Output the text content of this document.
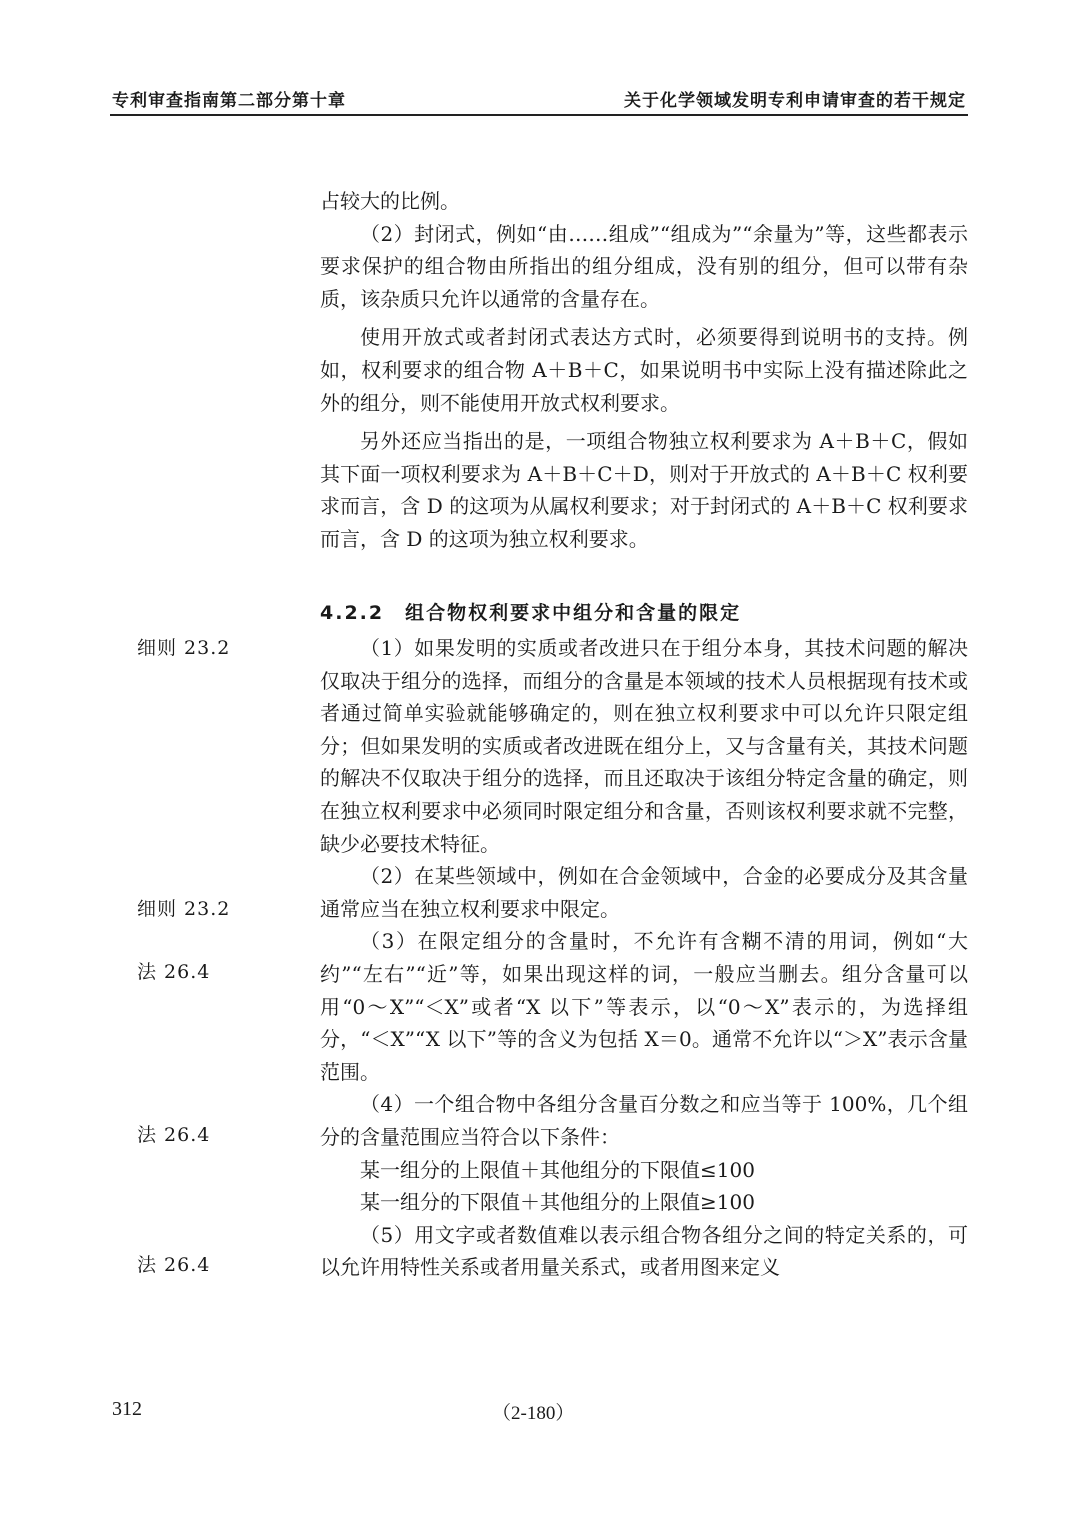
专利审查指南第二部分第十章	关于化学领域发明专利申请审查的若干规定

占较大的比例。

（2）封闭式，例如“由……组成”“组成为”“余量为”等，这些都表示要求保护的组合物由所指出的组分组成，没有别的组分，但可以带有杂质，该杂质只允许以通常的含量存在。

使用开放式或者封闭式表达方式时，必须要得到说明书的支持。例如，权利要求的组合物 A＋B＋C，如果说明书中实际上没有描述除此之外的组分，则不能使用开放式权利要求。

另外还应当指出的是，一项组合物独立权利要求为 A＋B＋C，假如其下面一项权利要求为 A＋B＋C＋D，则对于开放式的 A＋B＋C 权利要求而言，含 D 的这项为从属权利要求；对于封闭式的 A＋B＋C 权利要求而言，含 D 的这项为独立权利要求。

4.2.2　组合物权利要求中组分和含量的限定
细则 23.2
细则 23.2
法 26.4
法 26.4
法 26.4

（1）如果发明的实质或者改进只在于组分本身，其技术问题的解决仅取决于组分的选择，而组分的含量是本领域的技术人员根据现有技术或者通过简单实验就能够确定的，则在独立权利要求中可以允许只限定组分；但如果发明的实质或者改进既在组分上，又与含量有关，其技术问题的解决不仅取决于组分的选择，而且还取决于该组分特定含量的确定，则在独立权利要求中必须同时限定组分和含量，否则该权利要求就不完整，缺少必要技术特征。

（2）在某些领域中，例如在合金领域中，合金的必要成分及其含量通常应当在独立权利要求中限定。

（3）在限定组分的含量时，不允许有含糊不清的用词，例如“大约”“左右”“近”等，如果出现这样的词，一般应当删去。组分含量可以用“0～X”“＜X”或者“X 以下”等表示，以“0～X”表示的，为选择组分，“＜X”“X 以下”等的含义为包括 X＝0。通常不允许以“＞X”表示含量范围。

（4）一个组合物中各组分含量百分数之和应当等于 100%，几个组分的含量范围应当符合以下条件：

某一组分的上限值＋其他组分的下限值≤100

某一组分的下限值＋其他组分的上限值≥100

（5）用文字或者数值难以表示组合物各组分之间的特定关系的，可以允许用特性关系或者用量关系式，或者用图来定义

312	（2-180）
